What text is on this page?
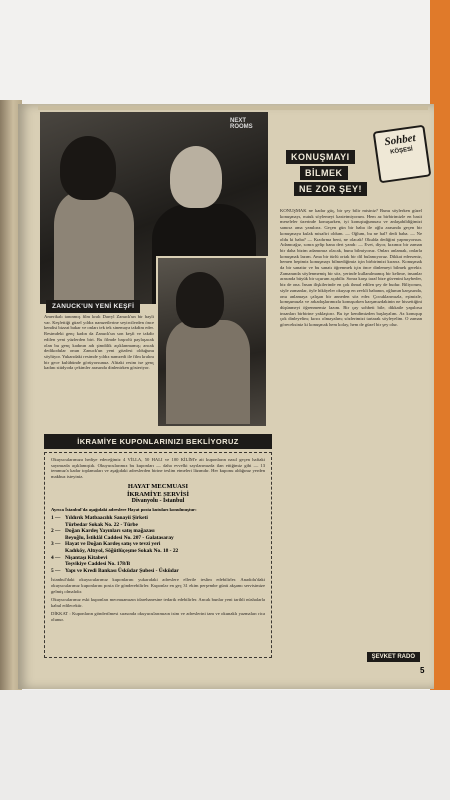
NEXT ROOMS
ZANUCK'UN YENİ KEŞFİ
Amerikalı tanınmış film kralı Darryl Zanuck'un bir hayli var. Keşfettiği güzel yıldız namzetlerine seyircilerden önce kendisi bizzat bakar ve onları tek tek sinemaya takdim eder. Resimdeki genç kadın da Zanuck'un son keşfi ve takdir edilen yeni yüzlerden biri. Bu filmde başrolü paylaşacak olan bu genç kadının adı şimdilik açıklanmamış; ancak dedikodular onun Zanuck'un yeni gözdesi olduğunu söylüyor. Yukarıdaki resimde yıldız namzedi ile film kralını bir gece kulübünde görüyorsunuz. Alttaki resim ise genç kadını stüdyoda çekimler arasında dinlenirken gösteriyor.
Sohbet
KÖŞESİ
KONUŞMAYI
BİLMEK
NE ZOR ŞEY!
KONUŞMAK ne kadar güç, bir şey bilir misiniz? Bunu söylerken güzel konuşmayı, nutuk söylemeyi kastetmiyorum. Hem az birbirimizle en basit meseleler üzerinde konuşurken, iyi konuştuğumuzu ve anlaşabildiğimizi sanırız ama yanılırız. Geçen gün bir baba ile oğlu arasında geçen bir konuşmaya kulak misafiri oldum. — Oğlum, bu ne hal? dedi baba. — Ne oldu ki baba? — Kızdırma beni, ne olacak! Okulda dediğini yapmıyorsun. Adamcağız, sonra gelip bana dert yandı: — Evet, diyor, kızımız bir zaman bir daha bizim adamımız olacak, bunu bilmiyoruz. Onları anlamak, onlarla konuşmak lazım. Ama bir türlü ortak bir dil bulamıyoruz. Dikkat ederseniz, hemen hepimiz konuşmayı bilmediğimiz için birbirimizi kırarız. Konuşmak da bir sanattır ve bu sanatı öğrenmek için önce dinlemeyi bilmek gerekir. Zamanında söylenmemiş bir söz, yerinde kullanılmamış bir kelime, insanlar arasında büyük bir uçurum açabilir. Sonra karşı taraf bize güvenini kaybeder, biz de ona. İnsan ilişkilerinde en çok ihmal edilen şey de budur. Biliyorum, siyle zamanlar, öyle hikâyeler okuyup en zevkli babanın, oğlunun karşısında, onu anlamaya çalışan bir anneden söz eder. Çocuklarımızla, eşimizle, komşumuzla ve arkadaşlarımızla konuşurken karşımızdakinin ne hissettiğini düşünmeyi öğrenmemiz lazım. Bir çay sohbeti bile, dikkatle yapılırsa insanları birbirine yaklaştırır. Bu işe kendimizden başlayalım. Az konuşup çok dinleyelim; kırıcı olmayalım; sözlerimizi tartarak söyleyelim. O zaman göreceksiniz ki konuşmak hem kolay, hem de güzel bir şey olur.
ŞEVKET RADO
İKRAMİYE KUPONLARINIZI BEKLİYORUZ
Okuyucularımıza hediye edeceğimiz 4 VİLLA, 50 HALI ve 100 KİLİM'e ait kuponların nasıl geçen haftaki sayımızda açıklamıştık. Okuyucularımız bu kuponları — daha evvelki sayılarımızda ilan ettiğimiz gibi — 13 temmuz'a kadar toplamaları ve aşağıdaki adreslerden birine teslim etmeleri lâzımdır. Her kuponu aldığınız yerden makbuz isteyiniz.
HAYAT MECMUASI
İKRAMİYE SERVİSİ
Divanyolu - İstanbul
Ayrıca İstanbul'da aşağıdaki adreslere Hayat posta kutuları konulmuştur:
1 — Yıldırık Matbaacılık Sanayii Şirketi
Türbedar Sokak No. 22 - Türbe
2 — Doğan Kardeş Yayınları satış mağazası
Beyoğlu, İstiklâl Caddesi No. 207 - Galatasaray
3 — Hayat ve Doğan Kardeş satış ve tevzi yeri
Kadıköy, Altıyol, Söğütlüçeşme Sokak No. 18 - 22
4 — Nişantaşı Kitabevi
Teşvikiye Caddesi No. 178/B
5 — Yapı ve Kredi Bankası Üsküdar Şubesi - Üsküdar
İstanbul'daki okuyucularımız kuponlarını yukarıdaki adreslere ellerile teslim edebilirler. Anadolu'daki okuyucularımız kuponlarını posta ile gönderebilirler. Kuponlar en geç 31 ekim perşembe günü akşamı servisimize gelmiş olmalıdır.
Okuyucularımız eski kuponları mecmuamızın idarehanesine tedarik edebilirler. Ancak bunlar yeni tarihli nüshalarla kabul edilecektir.
DİKKAT : Kuponların gönderilmesi sırasında okuyucularımızın isim ve adreslerini tam ve okunaklı yazmaları rica olunur.
5
